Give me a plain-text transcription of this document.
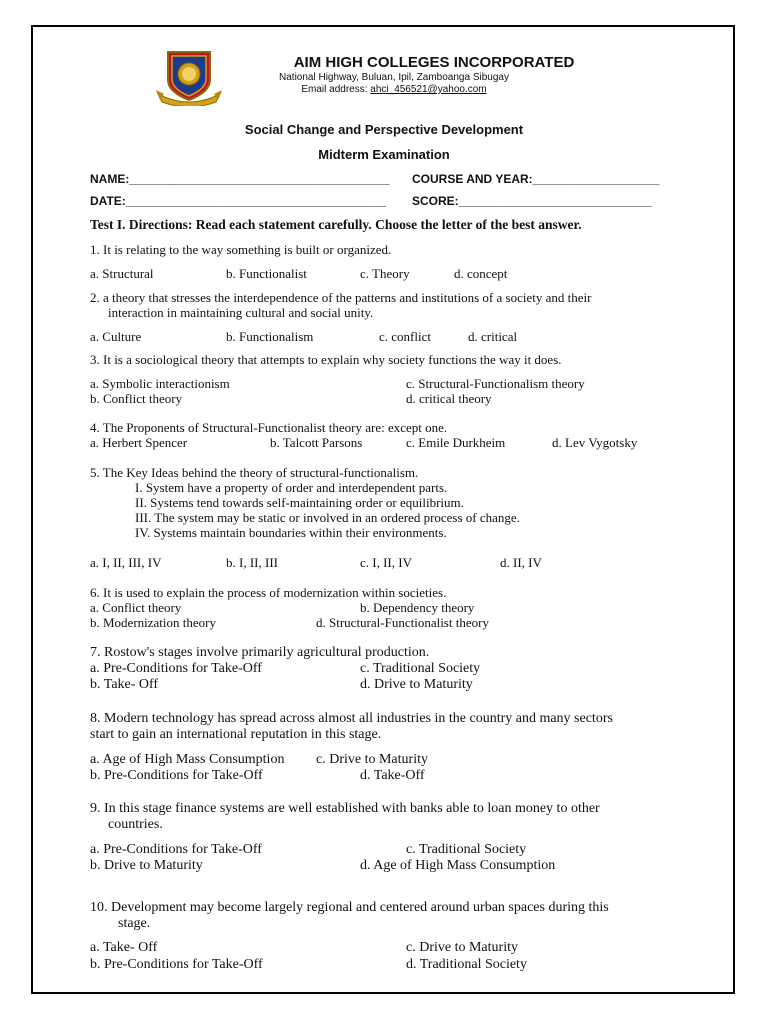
AIM HIGH COLLEGES INCORPORATED
National Highway, Buluan, Ipil, Zamboanga Sibugay
Email address: ahci_456521@yahoo.com
Social Change and Perspective Development
Midterm Examination
NAME:_______________________________________ COURSE AND YEAR:___________________
DATE:_______________________________________ SCORE:_____________________________
Test I. Directions: Read each statement carefully. Choose the letter of the best answer.
1. It is relating to the way something is built or organized.
a. Structural	b. Functionalist	c. Theory	d. concept
2. a theory that stresses the interdependence of the patterns and institutions of a society and their
interaction in maintaining cultural and social unity.
a. Culture	b. Functionalism	c. conflict	d. critical
3. It is a sociological theory that attempts to explain why society functions the way it does.
a. Symbolic interactionism	c. Structural-Functionalism theory
b. Conflict theory	d. critical theory
4. The Proponents of Structural-Functionalist theory are: except one.
a. Herbert Spencer	b. Talcott Parsons	c. Emile Durkheim	d. Lev Vygotsky
5. The Key Ideas behind the theory of structural-functionalism.
I. System have a property of order and interdependent parts.
II. Systems tend towards self-maintaining order or equilibrium.
III. The system may be static or involved in an ordered process of change.
IV. Systems maintain boundaries within their environments.
a. I, II, III, IV	b. I, II, III	c. I, II, IV	d. II, IV
6. It is used to explain the process of modernization within societies.
a. Conflict theory	b. Dependency theory
b. Modernization theory	d. Structural-Functionalist theory
7. Rostow's stages involve primarily agricultural production.
a. Pre-Conditions for Take-Off	c. Traditional Society
b. Take- Off	d. Drive to Maturity
8. Modern technology has spread across almost all industries in the country and many sectors
start to gain an international reputation in this stage.
a. Age of High Mass Consumption c. Drive to Maturity
b. Pre-Conditions for Take-Off	d. Take-Off
9. In this stage finance systems are well established with banks able to loan money to other
countries.
a. Pre-Conditions for Take-Off	c. Traditional Society
b. Drive to Maturity	d. Age of High Mass Consumption
10. Development may become largely regional and centered around urban spaces during this
stage.
a. Take- Off	c. Drive to Maturity
b. Pre-Conditions for Take-Off	d. Traditional Society
